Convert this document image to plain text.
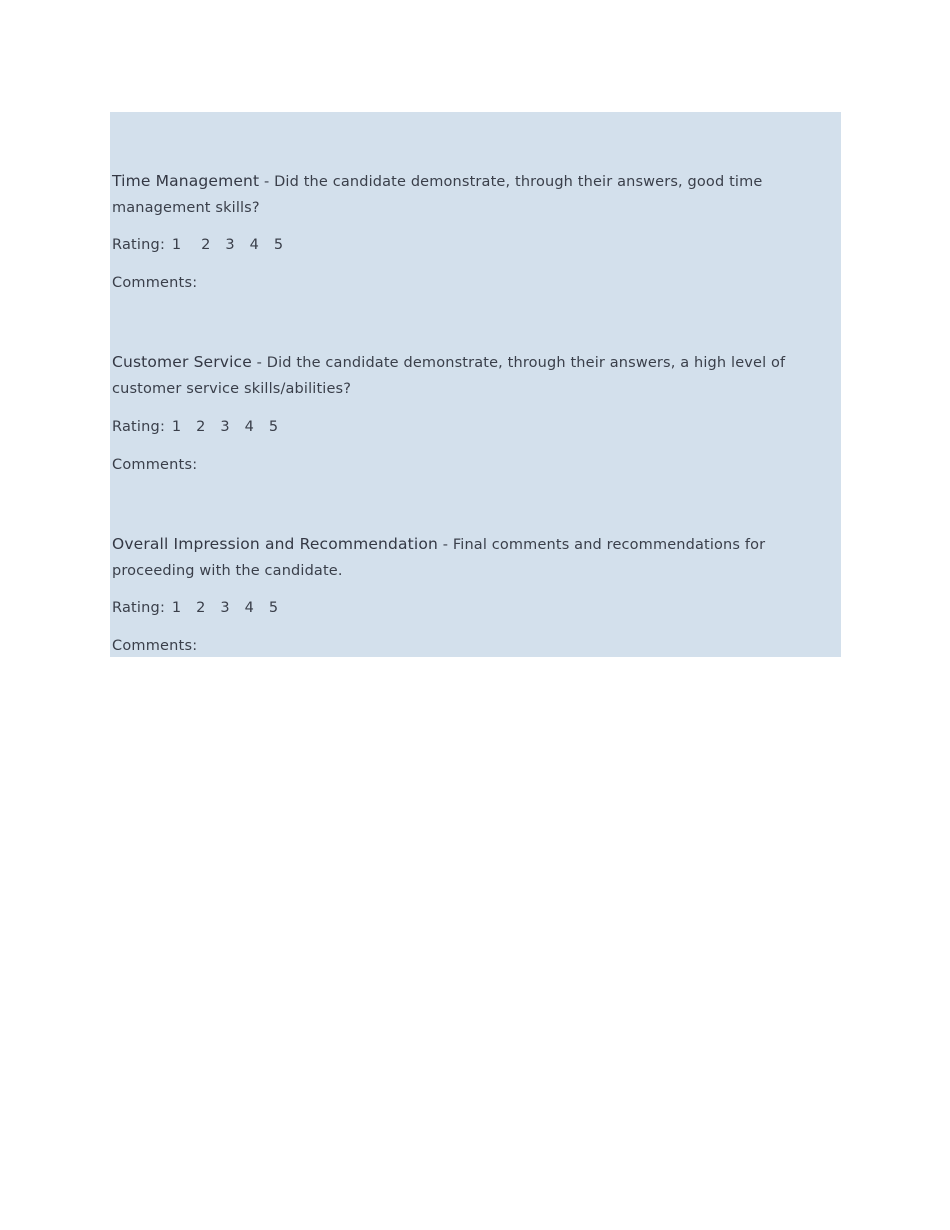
Time Management - Did the candidate demonstrate, through their answers, good time management skills?

Rating: 1 2 3 4 5
Comments:

Customer Service - Did the candidate demonstrate, through their answers, a high level of customer service skills/abilities?

Rating: 1 2 3 4 5
Comments:

Overall Impression and Recommendation - Final comments and recommendations for proceeding with the candidate.

Rating: 1 2 3 4 5
Comments:
